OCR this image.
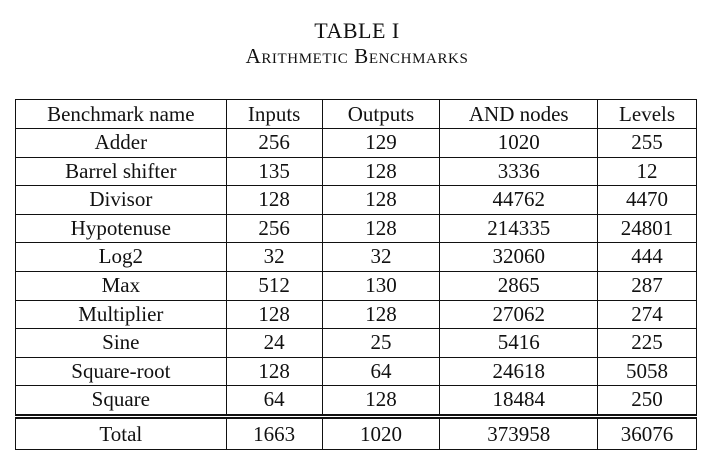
TABLE I
Arithmetic Benchmarks
Benchmark name	Inputs	Outputs	AND nodes	Levels
Adder	256	129	1020	255
Barrel shifter	135	128	3336	12
Divisor	128	128	44762	4470
Hypotenuse	256	128	214335	24801
Log2	32	32	32060	444
Max	512	130	2865	287
Multiplier	128	128	27062	274
Sine	24	25	5416	225
Square-root	128	64	24618	5058
Square	64	128	18484	250
Total	1663	1020	373958	36076
